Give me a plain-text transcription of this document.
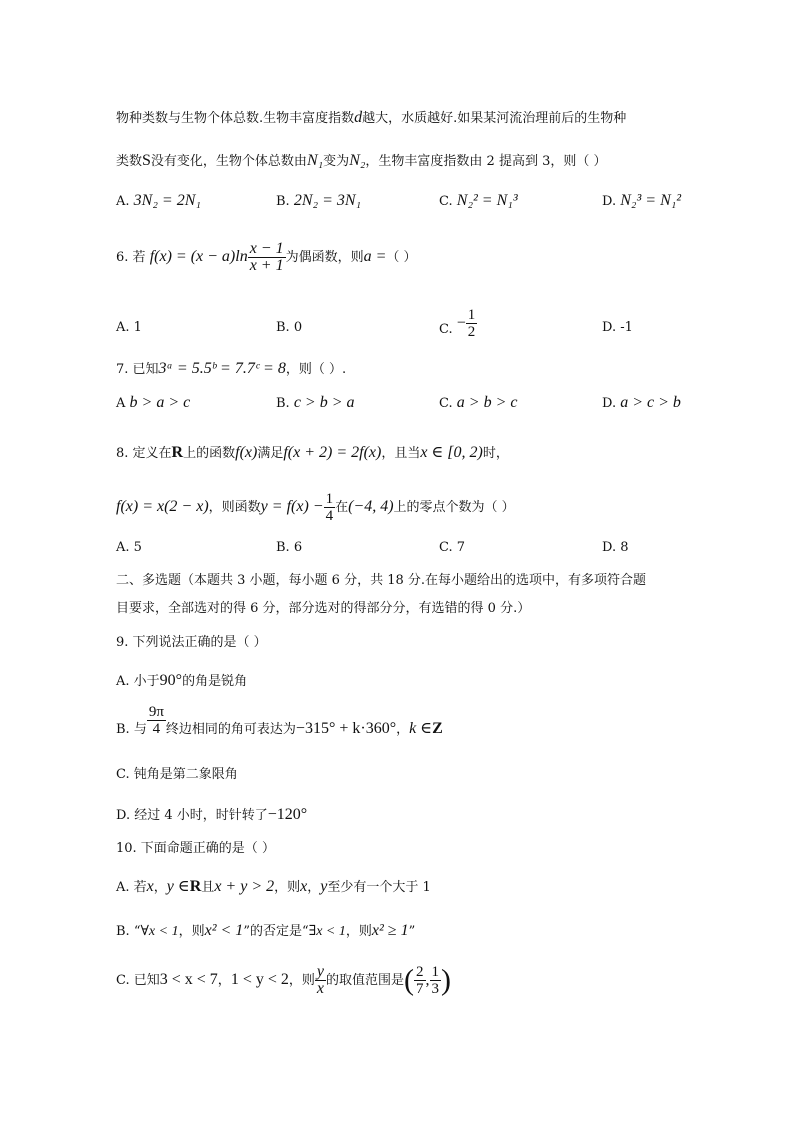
物种类数与生物个体总数.生物丰富度指数d越大，水质越好.如果某河流治理前后的生物种
类数S没有变化，生物个体总数由N₁变为N₂，生物丰富度指数由 2 提高到 3，则（ ）
A. 3N₂ = 2N₁	B. 2N₂ = 3N₁	C. N₂² = N₁³	D. N₂³ = N₁²
6. 若 $f(x) = (x - a)\ln \frac{x - 1}{x + 1}$ 为偶函数，则a =（ ）
A. 1	B. 0	C. − $\frac{1}{2}$	D. -1
7. 已知3ᵃ = 5.5ᵇ = 7.7ᶜ = 8，则（ ）.
A b > a > c	B. c > b > a	C. a > b > c	D. a > c > b
8. 定义在R上的函数f(x)满足f(x + 2) = 2f(x)，且当x ∈ [0, 2)时，
f(x) = x(2 − x)，则函数$y = f(x) - \frac{1}{4}$ 在(−4, 4)上的零点个数为（ ）
A. 5	B. 6	C. 7	D. 8
二、多选题（本题共 3 小题，每小题 6 分，共 18 分.在每小题给出的选项中，有多项符合题
目要求，全部选对的得 6 分，部分选对的得部分分，有选错的得 0 分.）
9. 下列说法正确的是（ ）
A. 小于90°的角是锐角
B. 与 $\frac{9\pi}{4}$ 终边相同的角可表达为−315° + k·360°，k ∈Z
C. 钝角是第二象限角
D. 经过 4 小时，时针转了−120°
10. 下面命题正确的是（ ）
A. 若x，y ∈R且x + y > 2，则x，y至少有一个大于 1
B. “∀x < 1，则x² < 1”的否定是“∃x < 1，则x² ≥ 1”
C. 已知3 < x < 7，1 < y < 2，则 $\frac{y}{x}$ 的取值范围是( $\frac{2}{7}$ , $\frac{1}{3}$ )
